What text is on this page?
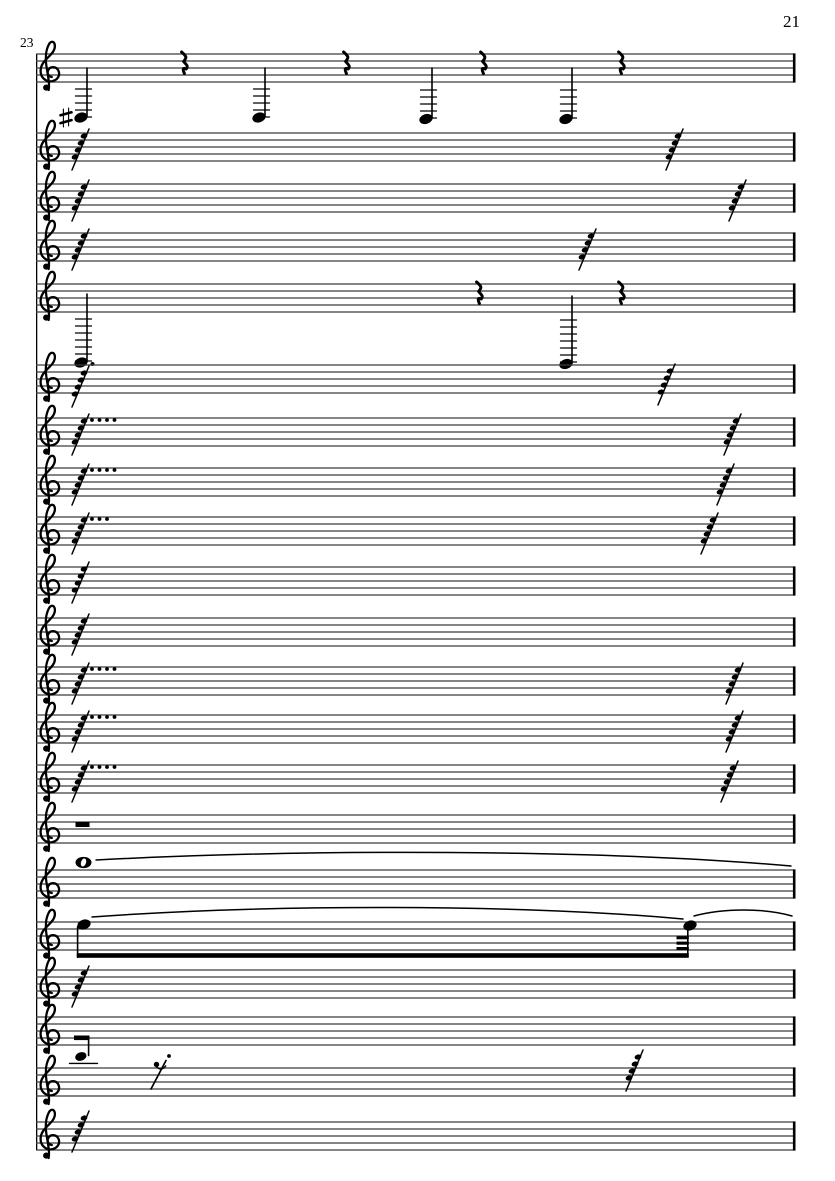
21
23
